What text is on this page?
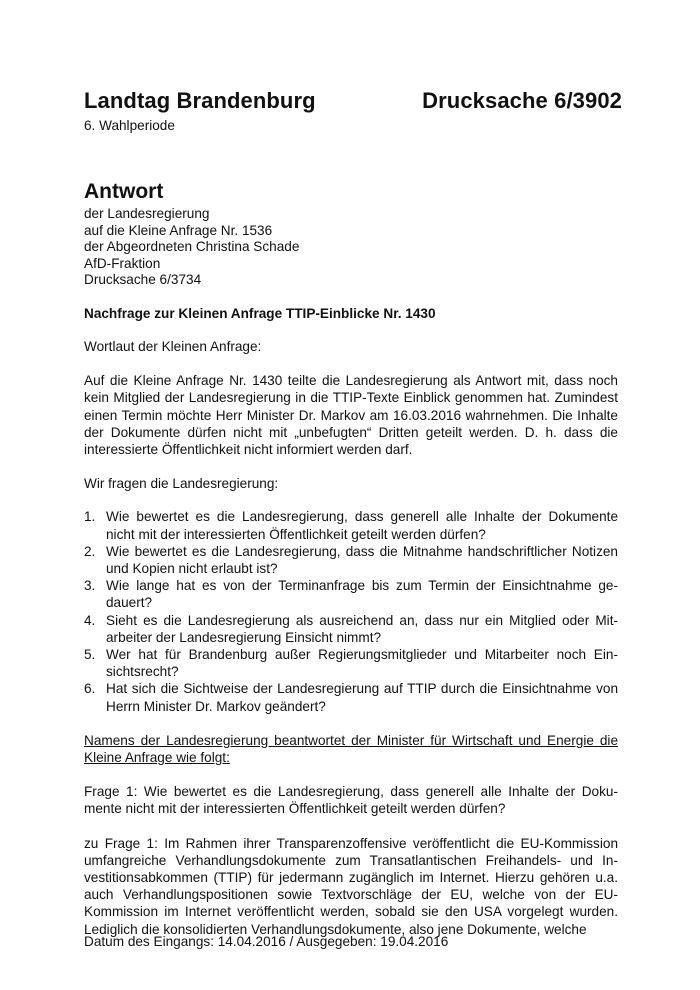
Landtag Brandenburg	Drucksache 6/3902
6. Wahlperiode
Antwort
der Landesregierung
auf die Kleine Anfrage Nr. 1536
der Abgeordneten Christina Schade
AfD-Fraktion
Drucksache 6/3734
Nachfrage zur Kleinen Anfrage TTIP-Einblicke Nr. 1430

Wortlaut der Kleinen Anfrage:

Auf die Kleine Anfrage Nr. 1430 teilte die Landesregierung als Antwort mit, dass noch kein Mitglied der Landesregierung in die TTIP-Texte Einblick genommen hat. Zumindest einen Termin möchte Herr Minister Dr. Markov am 16.03.2016 wahrnehmen. Die Inhalte der Dokumente dürfen nicht mit „unbefugten“ Dritten geteilt werden. D. h. dass die interessierte Öffentlichkeit nicht informiert werden darf.

Wir fragen die Landesregierung:

1. Wie bewertet es die Landesregierung, dass generell alle Inhalte der Dokumente nicht mit der interessierten Öffentlichkeit geteilt werden dürfen?
2. Wie bewertet es die Landesregierung, dass die Mitnahme handschriftlicher Notizen und Kopien nicht erlaubt ist?
3. Wie lange hat es von der Terminanfrage bis zum Termin der Einsichtnahme gedauert?
4. Sieht es die Landesregierung als ausreichend an, dass nur ein Mitglied oder Mitarbeiter der Landesregierung Einsicht nimmt?
5. Wer hat für Brandenburg außer Regierungsmitglieder und Mitarbeiter noch Einsichtsrecht?
6. Hat sich die Sichtweise der Landesregierung auf TTIP durch die Einsichtnahme von Herrn Minister Dr. Markov geändert?

Namens der Landesregierung beantwortet der Minister für Wirtschaft und Energie die Kleine Anfrage wie folgt:

Frage 1: Wie bewertet es die Landesregierung, dass generell alle Inhalte der Dokumente nicht mit der interessierten Öffentlichkeit geteilt werden dürfen?

zu Frage 1: Im Rahmen ihrer Transparenzoffensive veröffentlicht die EU-Kommission umfangreiche Verhandlungsdokumente zum Transatlantischen Freihandels- und Investitionsabkommen (TTIP) für jedermann zugänglich im Internet. Hierzu gehören u.a. auch Verhandlungspositionen sowie Textvorschläge der EU, welche von der EU-Kommission im Internet veröffentlicht werden, sobald sie den USA vorgelegt wurden. Lediglich die konsolidierten Verhandlungsdokumente, also jene Dokumente, welche

Datum des Eingangs: 14.04.2016 / Ausgegeben: 19.04.2016
